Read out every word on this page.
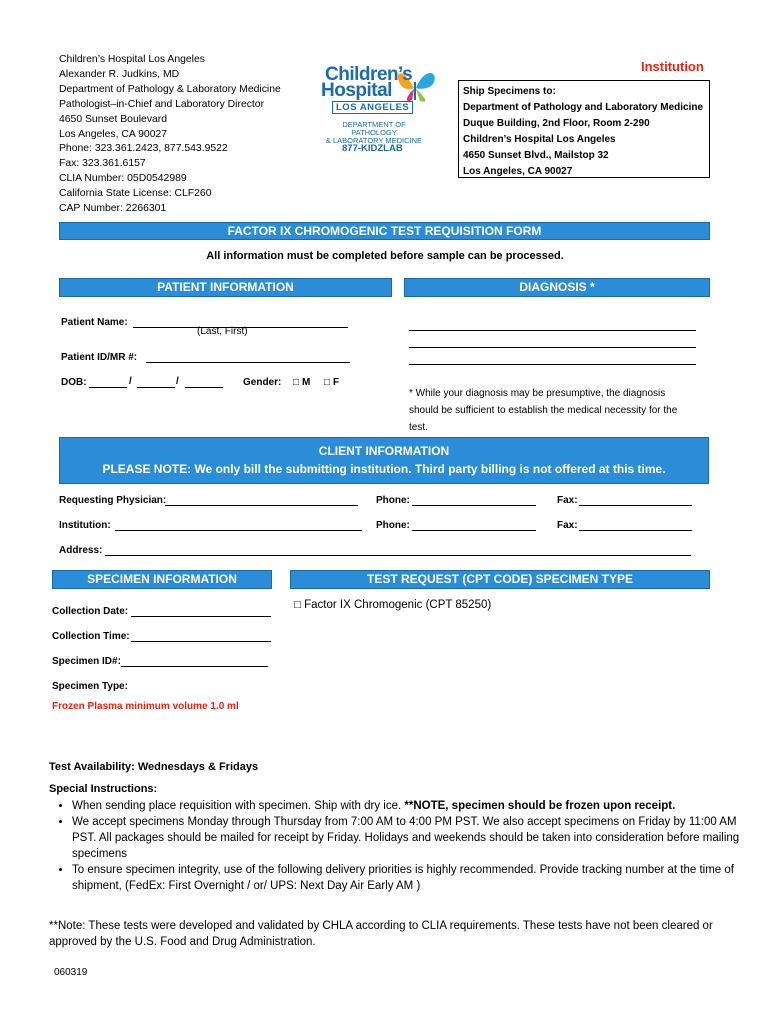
Children’s Hospital Los Angeles
Alexander R. Judkins, MD
Department of Pathology & Laboratory Medicine
Pathologist–in-Chief and Laboratory Director
4650 Sunset Boulevard
Los Angeles, CA 90027
Phone: 323.361.2423, 877.543.9522
Fax: 323.361.6157
CLIA Number: 05D0542989
California State License: CLF260
CAP Number: 2266301
Children’s
Hospital
LOS ANGELES
DEPARTMENT OF PATHOLOGY
& LABORATORY MEDICINE
877-KIDZLAB
Institution
Ship Specimens to:
Department of Pathology and Laboratory Medicine
Duque Building, 2nd Floor, Room 2-290
Children’s Hospital Los Angeles
4650 Sunset Blvd., Mailstop 32
Los Angeles, CA 90027
FACTOR IX CHROMOGENIC TEST REQUISITION FORM
All information must be completed before sample can be processed.
PATIENT INFORMATION	DIAGNOSIS *
Patient Name:
(Last, First)
Patient ID/MR #:
DOB:	/	/	Gender: □ M □ F
* While your diagnosis may be presumptive, the diagnosis
should be sufficient to establish the medical necessity for the
test.
CLIENT INFORMATION
PLEASE NOTE: We only bill the submitting institution. Third party billing is not offered at this time.
Requesting Physician:	Phone:	Fax:
Institution:	Phone:	Fax:
Address:
SPECIMEN INFORMATION	TEST REQUEST (CPT CODE) SPECIMEN TYPE
Collection Date:
Collection Time:
Specimen ID#:
Specimen Type:
Frozen Plasma minimum volume 1.0 ml
□ Factor IX Chromogenic (CPT 85250)
Test Availability: Wednesdays & Fridays
Special Instructions:
• When sending place requisition with specimen. Ship with dry ice. **NOTE, specimen should be frozen upon receipt.
• We accept specimens Monday through Thursday from 7:00 AM to 4:00 PM PST. We also accept specimens on Friday by 11:00 AM PST. All packages should be mailed for receipt by Friday. Holidays and weekends should be taken into consideration before mailing specimens
• To ensure specimen integrity, use of the following delivery priorities is highly recommended. Provide tracking number at the time of shipment, (FedEx: First Overnight / or/ UPS: Next Day Air Early AM )
**Note: These tests were developed and validated by CHLA according to CLIA requirements. These tests have not been cleared or approved by the U.S. Food and Drug Administration.
060319
